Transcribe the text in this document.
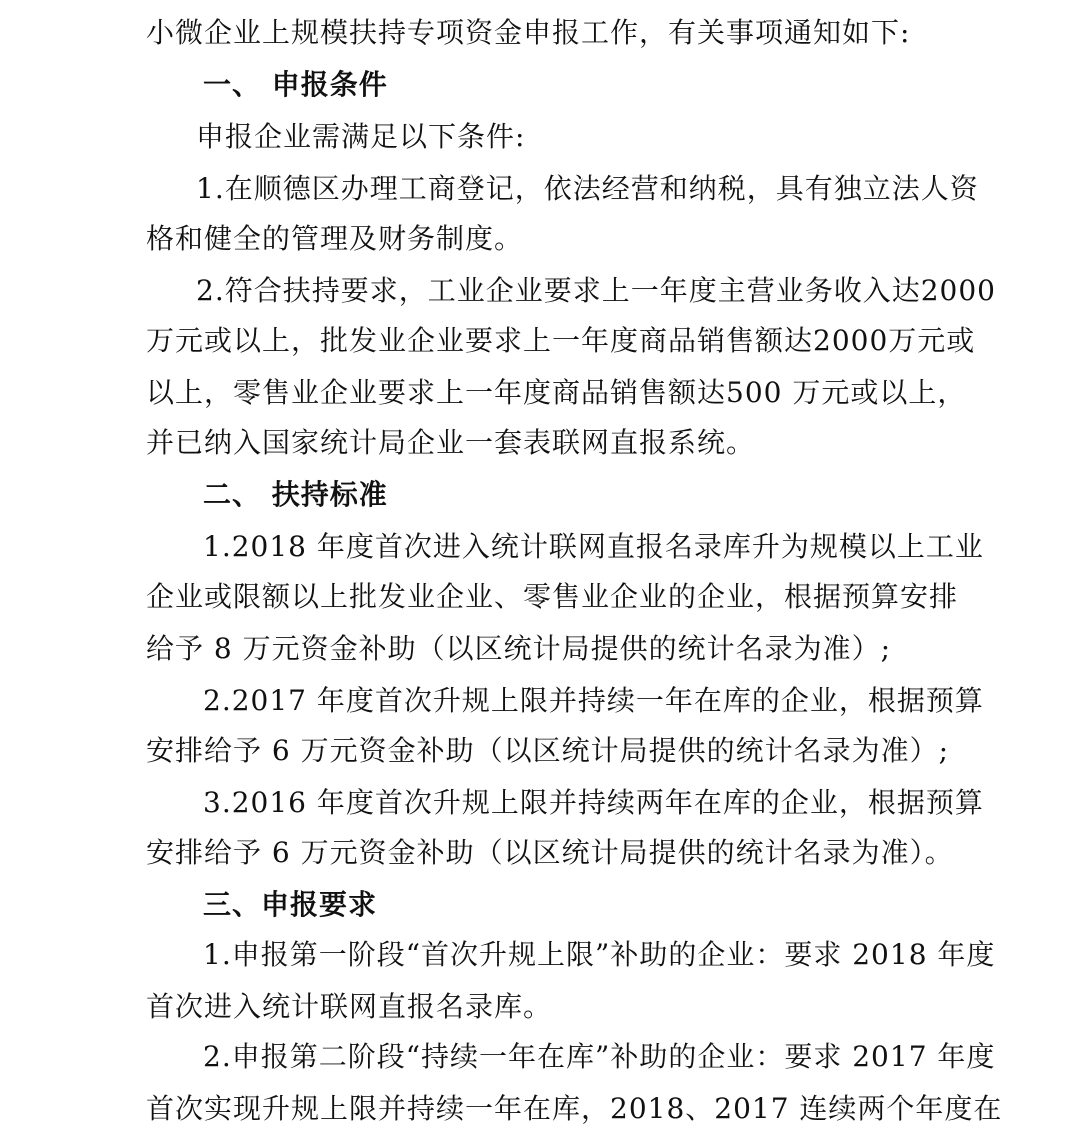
小微企业上规模扶持专项资金申报工作，有关事项通知如下:
一、 申报条件
申报企业需满足以下条件:
1.在顺德区办理工商登记，依法经营和纳税，具有独立法人资
格和健全的管理及财务制度。
2.符合扶持要求，工业企业要求上一年度主营业务收入达2000
万元或以上，批发业企业要求上一年度商品销售额达2000万元或
以上，零售业企业要求上一年度商品销售额达500 万元或以上，
并已纳入国家统计局企业一套表联网直报系统。
二、 扶持标准
1.2018 年度首次进入统计联网直报名录库升为规模以上工业
企业或限额以上批发业企业、零售业企业的企业，根据预算安排
给予 8 万元资金补助（以区统计局提供的统计名录为准）;
2.2017 年度首次升规上限并持续一年在库的企业，根据预算
安排给予 6 万元资金补助（以区统计局提供的统计名录为准）;
3.2016 年度首次升规上限并持续两年在库的企业，根据预算
安排给予 6 万元资金补助（以区统计局提供的统计名录为准）。
三、申报要求
1.申报第一阶段“首次升规上限”补助的企业：要求 2018 年度
首次进入统计联网直报名录库。
2.申报第二阶段“持续一年在库”补助的企业：要求 2017 年度
首次实现升规上限并持续一年在库，2018、2017 连续两个年度在
